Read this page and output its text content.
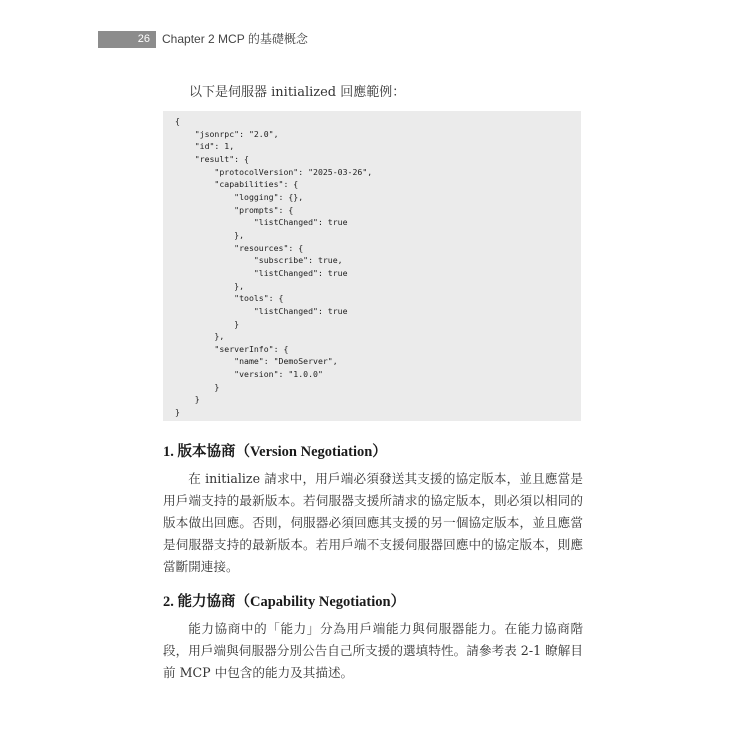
26	Chapter 2 MCP 的基礎概念
以下是伺服器 initialized 回應範例：
{
"jsonrpc": "2.0",
"id": 1,
"result": {
"protocolVersion": "2025-03-26",
"capabilities": {
"logging": {},
"prompts": {
"listChanged": true
},
"resources": {
"subscribe": true,
"listChanged": true
},
"tools": {
"listChanged": true
}
},
"serverInfo": {
"name": "DemoServer",
"version": "1.0.0"
}
}
}
1. 版本協商（Version Negotiation）

在 initialize 請求中，用戶端必須發送其支援的協定版本，並且應當是用戶端支持的最新版本。若伺服器支援所請求的協定版本，則必須以相同的版本做出回應。否則，伺服器必須回應其支援的另一個協定版本，並且應當是伺服器支持的最新版本。若用戶端不支援伺服器回應中的協定版本，則應當斷開連接。

2. 能力協商（Capability Negotiation）

能力協商中的「能力」分為用戶端能力與伺服器能力。在能力協商階段，用戶端與伺服器分別公告自己所支援的選填特性。請參考表 2-1 瞭解目前 MCP 中包含的能力及其描述。
